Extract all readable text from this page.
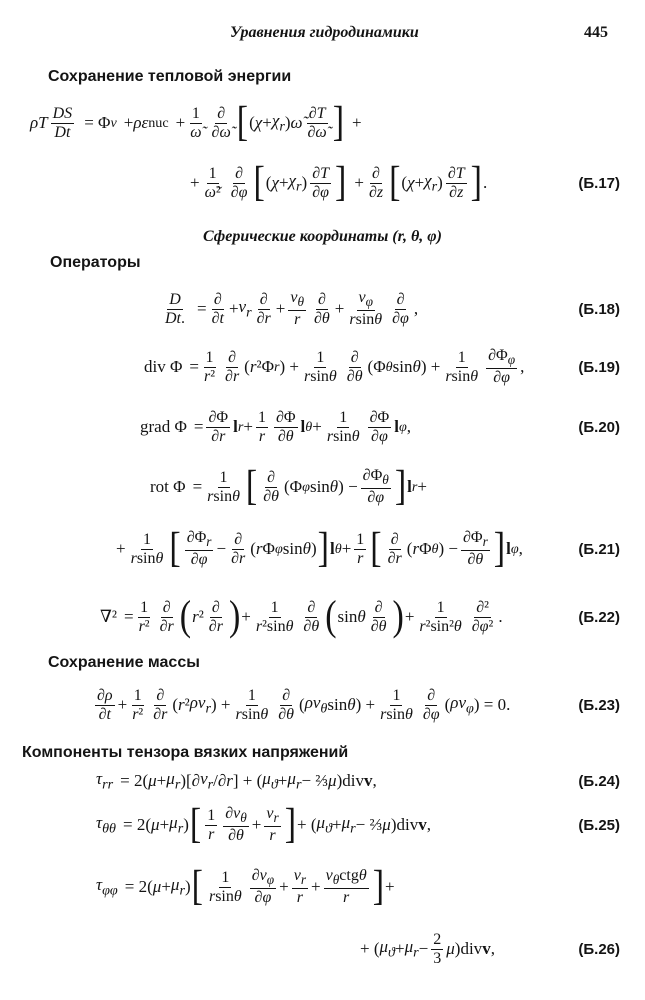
Уравнения гидродинамики	445
Сохранение тепловой энергии
ρT DS
Dt = Φ v + ρε nuc + 1
ω̃
∂
∂ω̃ [ ( $\chi + \chi_r$ ) ω̃ ∂T
∂ω̃ ] +
+ 1
ω̃²
∂
∂φ [ ( $\chi + \chi_r$ ) ∂T
∂φ ] + ∂
∂z [ ( $\chi + \chi_r$ ) ∂T
∂z ] .	(Б.17)
Сферические координаты (r, θ, φ)
Операторы
D
Dt. = ∂
$\partial t + v_r$
∂
∂r +
$v_\theta$
r
∂
∂θ +
$v_\varphi$
rsinθ
∂
∂φ ,	(Б.18)
div Φ = 1
r²
∂
∂r ( r ²Φ r ) + 1
rsinθ
∂
∂θ (Φ θ sin θ ) + 1
rsinθ
$\partial\Phi_\varphi$
∂φ
,	(Б.19)
grad Φ = ∂Φ
∂r l r + 1
r
∂Φ
∂θ l θ + 1
rsinθ
∂Φ
∂φ l φ ,	(Б.20)
rot Φ = 1
rsinθ [ ∂
∂θ (Φ φ sin θ ) −
$\partial\Phi_\theta$
∂φ ] l r +
+ 1
rsinθ [ $\partial\Phi_r$
∂φ
− ∂
∂r ( r Φ φ sin θ ) ] l θ + 1
r [ ∂
∂r ( r Φ θ ) −
$\partial\Phi_r$
∂θ ] l φ ,	(Б.21)
∇² = 1
r²
∂
∂r ( r ² ∂
∂r ) + 1
r²sinθ
∂
∂θ ( sin θ ∂
∂θ ) + 1
r²sin²θ
∂²
∂φ² .	(Б.22)
Сохранение массы
∂ρ
∂t + 1
r²
∂
∂r ( r ² $\rho v_r$ ) + 1
rsinθ
∂
∂θ ( $\rho v_\theta$ sin θ ) + 1
rsinθ
∂
∂φ ( $\rho v_\varphi$ ) = 0.	(Б.23)
Компоненты тензора вязких напряжений
$\tau_{rr} = 2$( $\mu + \mu_r$ )[∂ $v_r$ /∂ r ] + ( $\mu_ϑ + \mu_r$ − ⅔ μ )div v ,	(Б.24)
$\tau_{\theta\theta} = 2$( $\mu + \mu_r$ ) [ 1
r
$\partial v_\theta$
∂θ
+
$v_r$
r ] + ( $\mu_ϑ + \mu_r$ − ⅔ μ )div v ,	(Б.25)
$\tau_{\varphi\varphi} = 2$( $\mu + \mu_r$ ) [ 1
rsinθ
$\partial v_\varphi$
∂φ
+
$v_r$
r
+
$v_\theta ctg\theta$
r ] +
+ ( $\mu_ϑ + \mu_r - 2$
3 μ )div v ,	(Б.26)
